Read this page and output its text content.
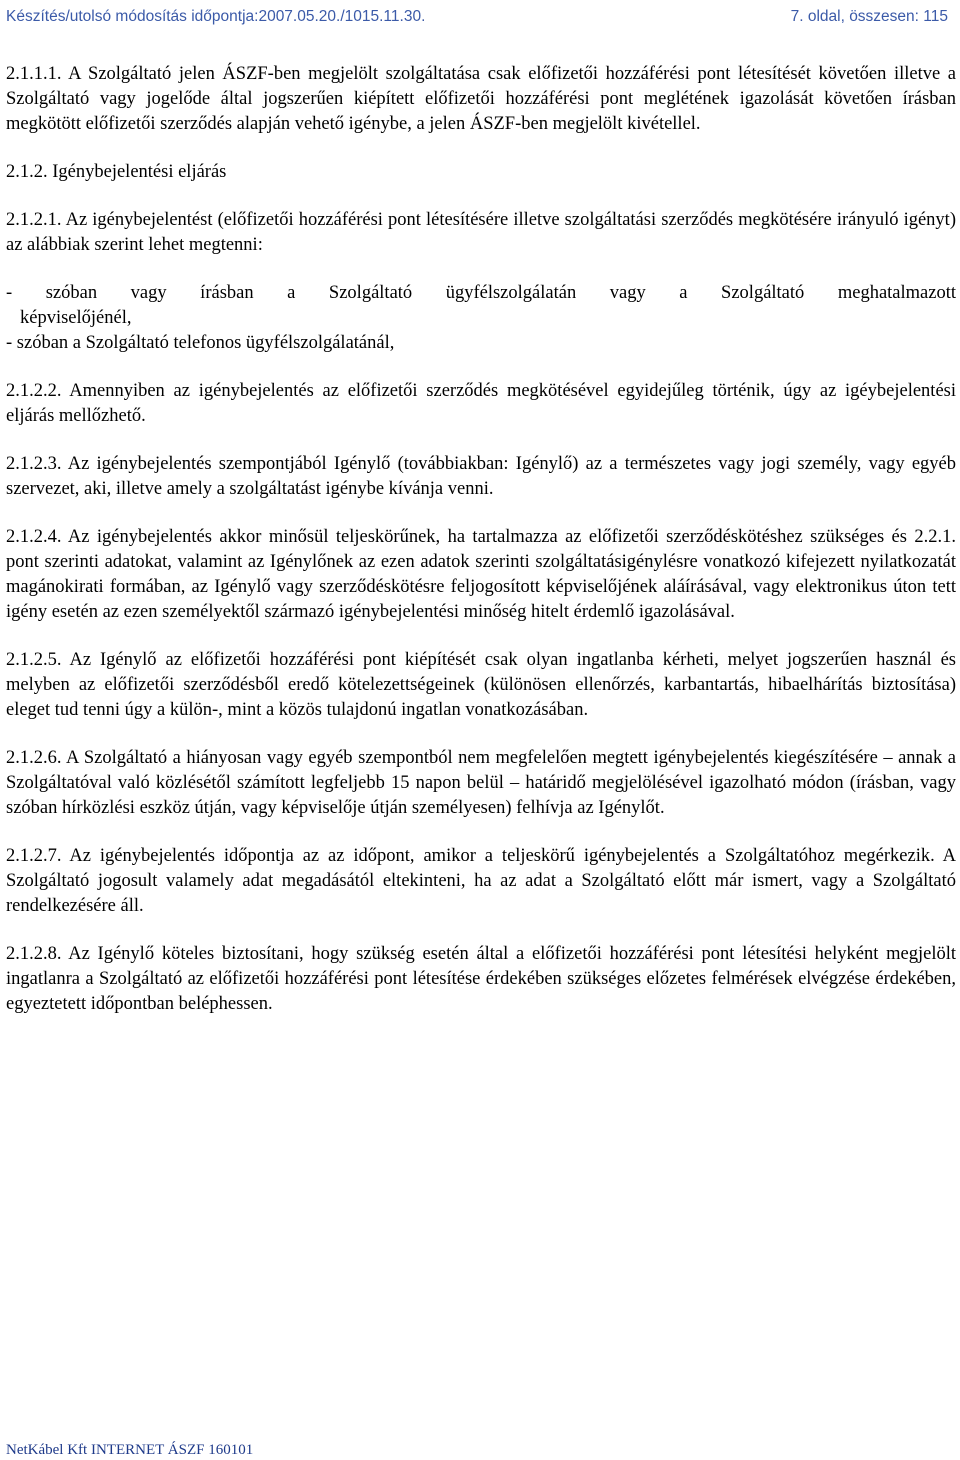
Készítés/utolsó módosítás időpontja:2007.05.20./1015.11.30.	7. oldal, összesen: 115

2.1.1.1. A Szolgáltató jelen ÁSZF-ben megjelölt szolgáltatása csak előfizetői hozzáférési pont létesítését követően illetve a Szolgáltató vagy jogelőde által jogszerűen kiépített előfizetői hozzáférési pont meglétének igazolását követően írásban megkötött előfizetői szerződés alapján vehető igénybe, a jelen ÁSZF-ben megjelölt kivétellel.

2.1.2. Igénybejelentési eljárás

2.1.2.1. Az igénybejelentést (előfizetői hozzáférési pont létesítésére illetve szolgáltatási szerződés megkötésére irányuló igényt) az alábbiak szerint lehet megtenni:

- szóban vagy írásban a Szolgáltató ügyfélszolgálatán vagy a Szolgáltató meghatalmazott
képviselőjénél,
- szóban a Szolgáltató telefonos ügyfélszolgálatánál,

2.1.2.2. Amennyiben az igénybejelentés az előfizetői szerződés megkötésével egyidejűleg történik, úgy az igéybejelentési eljárás mellőzhető.

2.1.2.3. Az igénybejelentés szempontjából Igénylő (továbbiakban: Igénylő) az a természetes vagy jogi személy, vagy egyéb szervezet, aki, illetve amely a szolgáltatást igénybe kívánja venni.

2.1.2.4. Az igénybejelentés akkor minősül teljeskörűnek, ha tartalmazza az előfizetői szerződéskötéshez szükséges és 2.2.1. pont szerinti adatokat, valamint az Igénylőnek az ezen adatok szerinti szolgáltatásigénylésre vonatkozó kifejezett nyilatkozatát magánokirati formában, az Igénylő vagy szerződéskötésre feljogosított képviselőjének aláírásával, vagy elektronikus úton tett igény esetén az ezen személyektől származó igénybejelentési minőség hitelt érdemlő igazolásával.

2.1.2.5. Az Igénylő az előfizetői hozzáférési pont kiépítését csak olyan ingatlanba kérheti, melyet jogszerűen használ és melyben az előfizetői szerződésből eredő kötelezettségeinek (különösen ellenőrzés, karbantartás, hibaelhárítás biztosítása) eleget tud tenni úgy a külön-, mint a közös tulajdonú ingatlan vonatkozásában.

2.1.2.6. A Szolgáltató a hiányosan vagy egyéb szempontból nem megfelelően megtett igénybejelentés kiegészítésére – annak a Szolgáltatóval való közlésétől számított legfeljebb 15 napon belül – határidő megjelölésével igazolható módon (írásban, vagy szóban hírközlési eszköz útján, vagy képviselője útján személyesen) felhívja az Igénylőt.

2.1.2.7. Az igénybejelentés időpontja az az időpont, amikor a teljeskörű igénybejelentés a Szolgáltatóhoz megérkezik. A Szolgáltató jogosult valamely adat megadásától eltekinteni, ha az adat a Szolgáltató előtt már ismert, vagy a Szolgáltató rendelkezésére áll.

2.1.2.8. Az Igénylő köteles biztosítani, hogy szükség esetén által a előfizetői hozzáférési pont létesítési helyként megjelölt ingatlanra a Szolgáltató az előfizetői hozzáférési pont létesítése érdekében szükséges előzetes felmérések elvégzése érdekében, egyeztetett időpontban beléphessen.

NetKábel Kft INTERNET ÁSZF 160101
